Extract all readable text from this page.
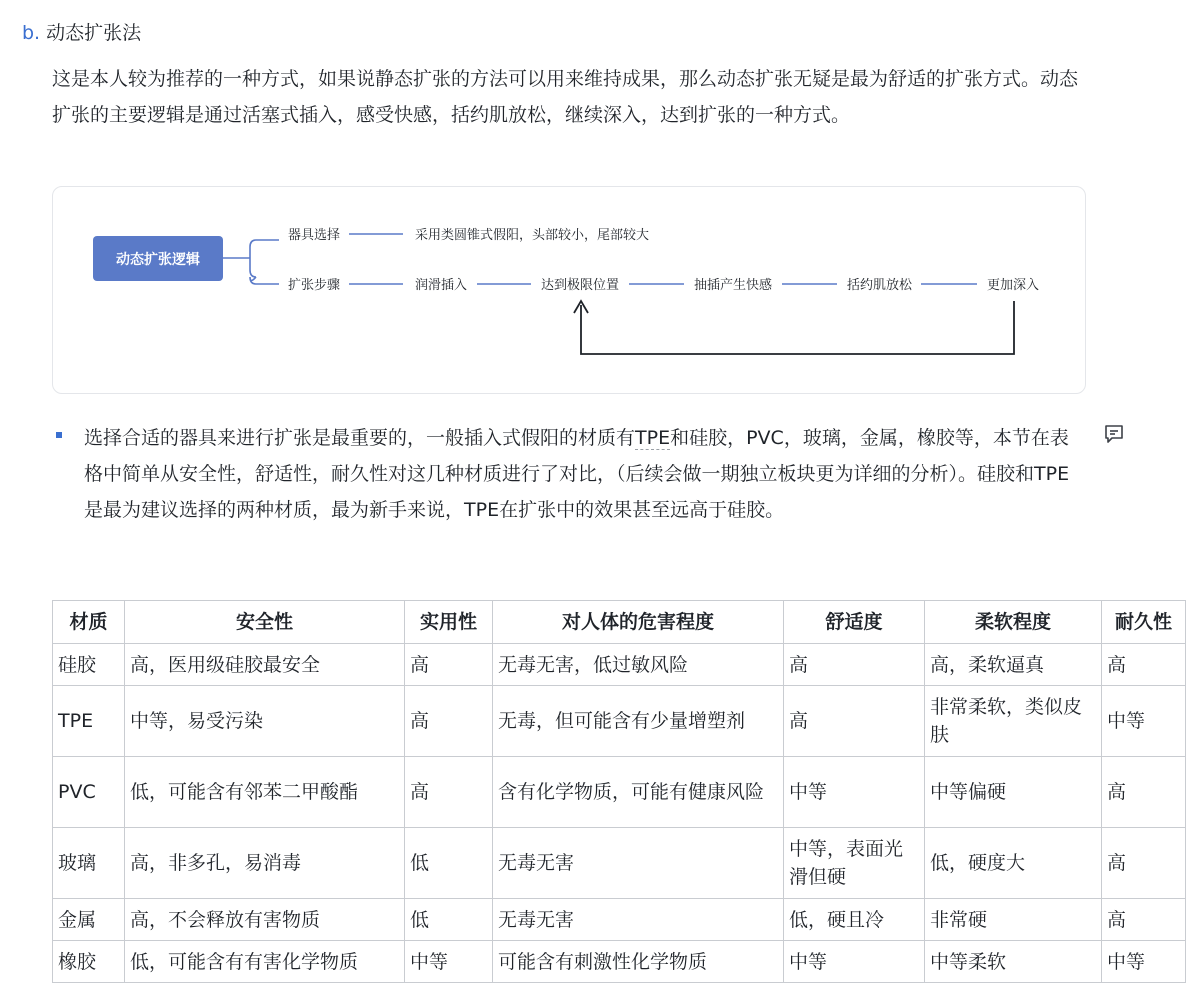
b. 动态扩张法
这是本人较为推荐的一种方式，如果说静态扩张的方法可以用来维持成果，那么动态扩张无疑是最为舒适的扩张方式。动态扩张的主要逻辑是通过活塞式插入，感受快感，括约肌放松，继续深入，达到扩张的一种方式。
动态扩张逻辑
器具选择	采用类圆锥式假阳，头部较小，尾部较大
扩张步骤	润滑插入	达到极限位置	抽插产生快感	括约肌放松	更加深入
选择合适的器具来进行扩张是最重要的，一般插入式假阳的材质有TPE和硅胶，PVC，玻璃，金属，橡胶等，本节在表格中简单从安全性，舒适性，耐久性对这几种材质进行了对比，（后续会做一期独立板块更为详细的分析）。硅胶和TPE是最为建议选择的两种材质，最为新手来说，TPE在扩张中的效果甚至远高于硅胶。
材质	安全性	实用性	对人体的危害程度	舒适度	柔软程度	耐久性
硅胶	高，医用级硅胶最安全	高	无毒无害，低过敏风险	高	高，柔软逼真	高
TPE	中等，易受污染	高	无毒，但可能含有少量增塑剂	高	非常柔软，类似皮肤	中等
PVC	低，可能含有邻苯二甲酸酯	高	含有化学物质，可能有健康风险	中等	中等偏硬	高
玻璃	高，非多孔，易消毒	低	无毒无害	中等，表面光滑但硬	低，硬度大	高
金属	高，不会释放有害物质	低	无毒无害	低，硬且冷	非常硬	高
橡胶	低，可能含有有害化学物质	中等	可能含有刺激性化学物质	中等	中等柔软	中等
